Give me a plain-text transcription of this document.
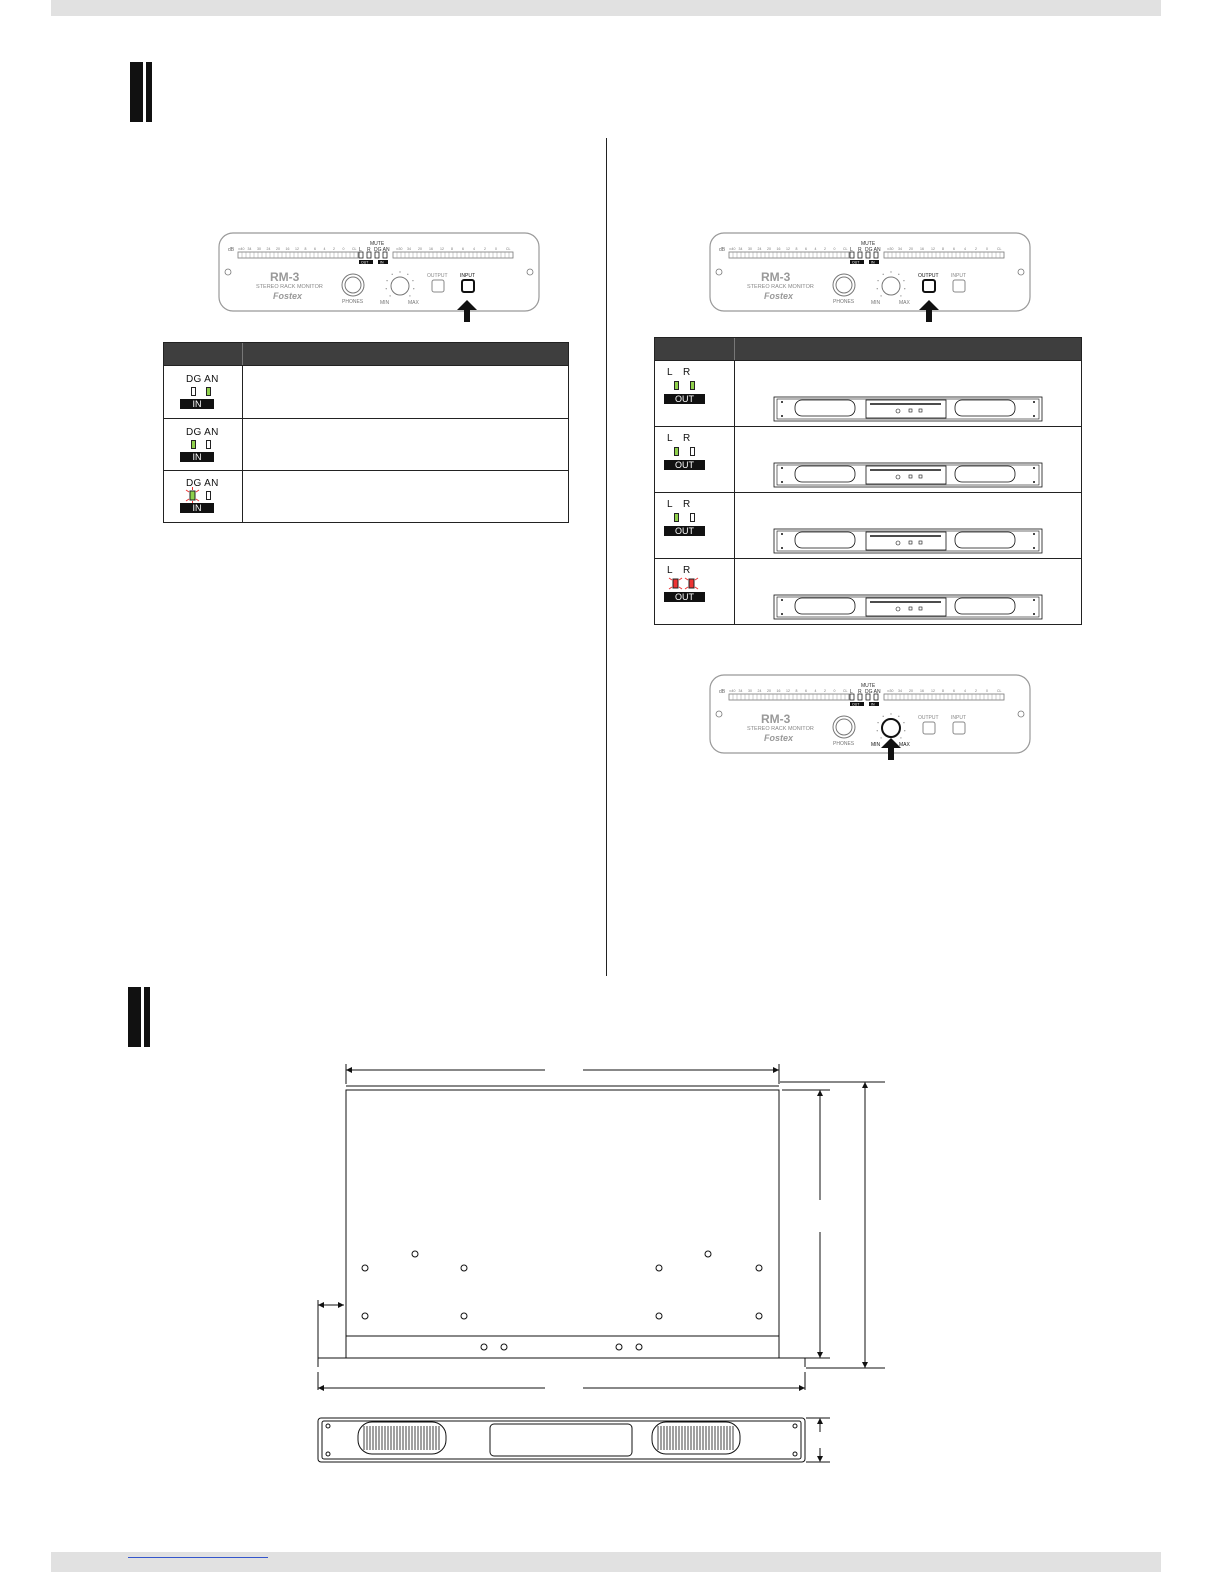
dB ∞40 34 30 24 20 16 12 8 6 4 2 0 CL	∞30 34 20 16 12 8	6	4	2	0	CL
MUTE
L R DG AN
OUT	IN
RM-3
STEREO RACK MONITOR
Fostex
PHONES	MIN	MAX
OUTPUT INPUT
dB ∞40 34 30 24 20 16 12 8 6 4 2 0 CL	∞30 34 20 16 12 8	6	4	2	0	CL
MUTE
L R DG AN
OUT	IN
RM-3
STEREO RACK MONITOR
Fostex
PHONES	MIN	MAX
OUTPUT INPUT
dB ∞40 34 30 24 20 16 12 8 6 4 2 0 CL	∞30 34 20 16 12 8	6	4	2	0	CL
MUTE
L R DG AN
OUT	IN
RM-3
STEREO RACK MONITOR
Fostex
PHONES	MIN	MAX
OUTPUT INPUT
DG AN
IN
DG AN
IN
DG AN
IN
L R
OUT
L R
OUT
L R
OUT
L R
OUT
